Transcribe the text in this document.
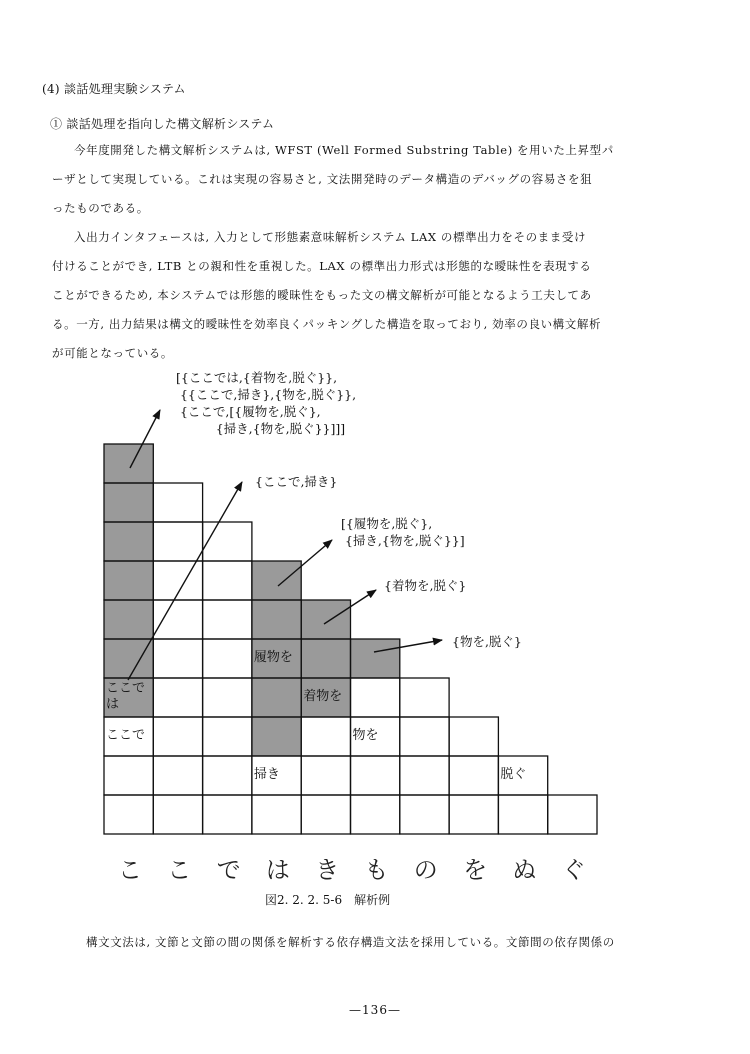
(4) 談話処理実験システム
① 談話処理を指向した構文解析システム
今年度開発した構文解析システムは, WFST (Well Formed Substring Table) を用いた上昇型パ
ーザとして実現している。これは実現の容易さと, 文法開発時のデータ構造のデバッグの容易さを狙
ったものである。
入出力インタフェースは, 入力として形態素意味解析システム LAX の標準出力をそのまま受け
付けることができ, LTB との親和性を重視した。LAX の標準出力形式は形態的な曖昧性を表現する
ことができるため, 本システムでは形態的曖昧性をもった文の構文解析が可能となるよう工夫してあ
る。一方, 出力結果は構文的曖昧性を効率良くパッキングした構造を取っており, 効率の良い構文解析
が可能となっている。
ここで
は
ここで
履物を
着物を
物を
掃き	脱ぐ
[{ここでは,{着物を,脱ぐ}},
{{ここで,掃き},{物を,脱ぐ}},
{ここで,[{履物を,脱ぐ},
{掃き,{物を,脱ぐ}}]]]
{ここで,掃き}
[{履物を,脱ぐ},
{掃き,{物を,脱ぐ}}]
{着物を,脱ぐ}
{物を,脱ぐ}
こ こ で は き も の を ぬ ぐ
図2. 2. 2. 5-6　解析例
構文文法は, 文節と文節の間の関係を解析する依存構造文法を採用している。文節間の依存関係の
—136—
